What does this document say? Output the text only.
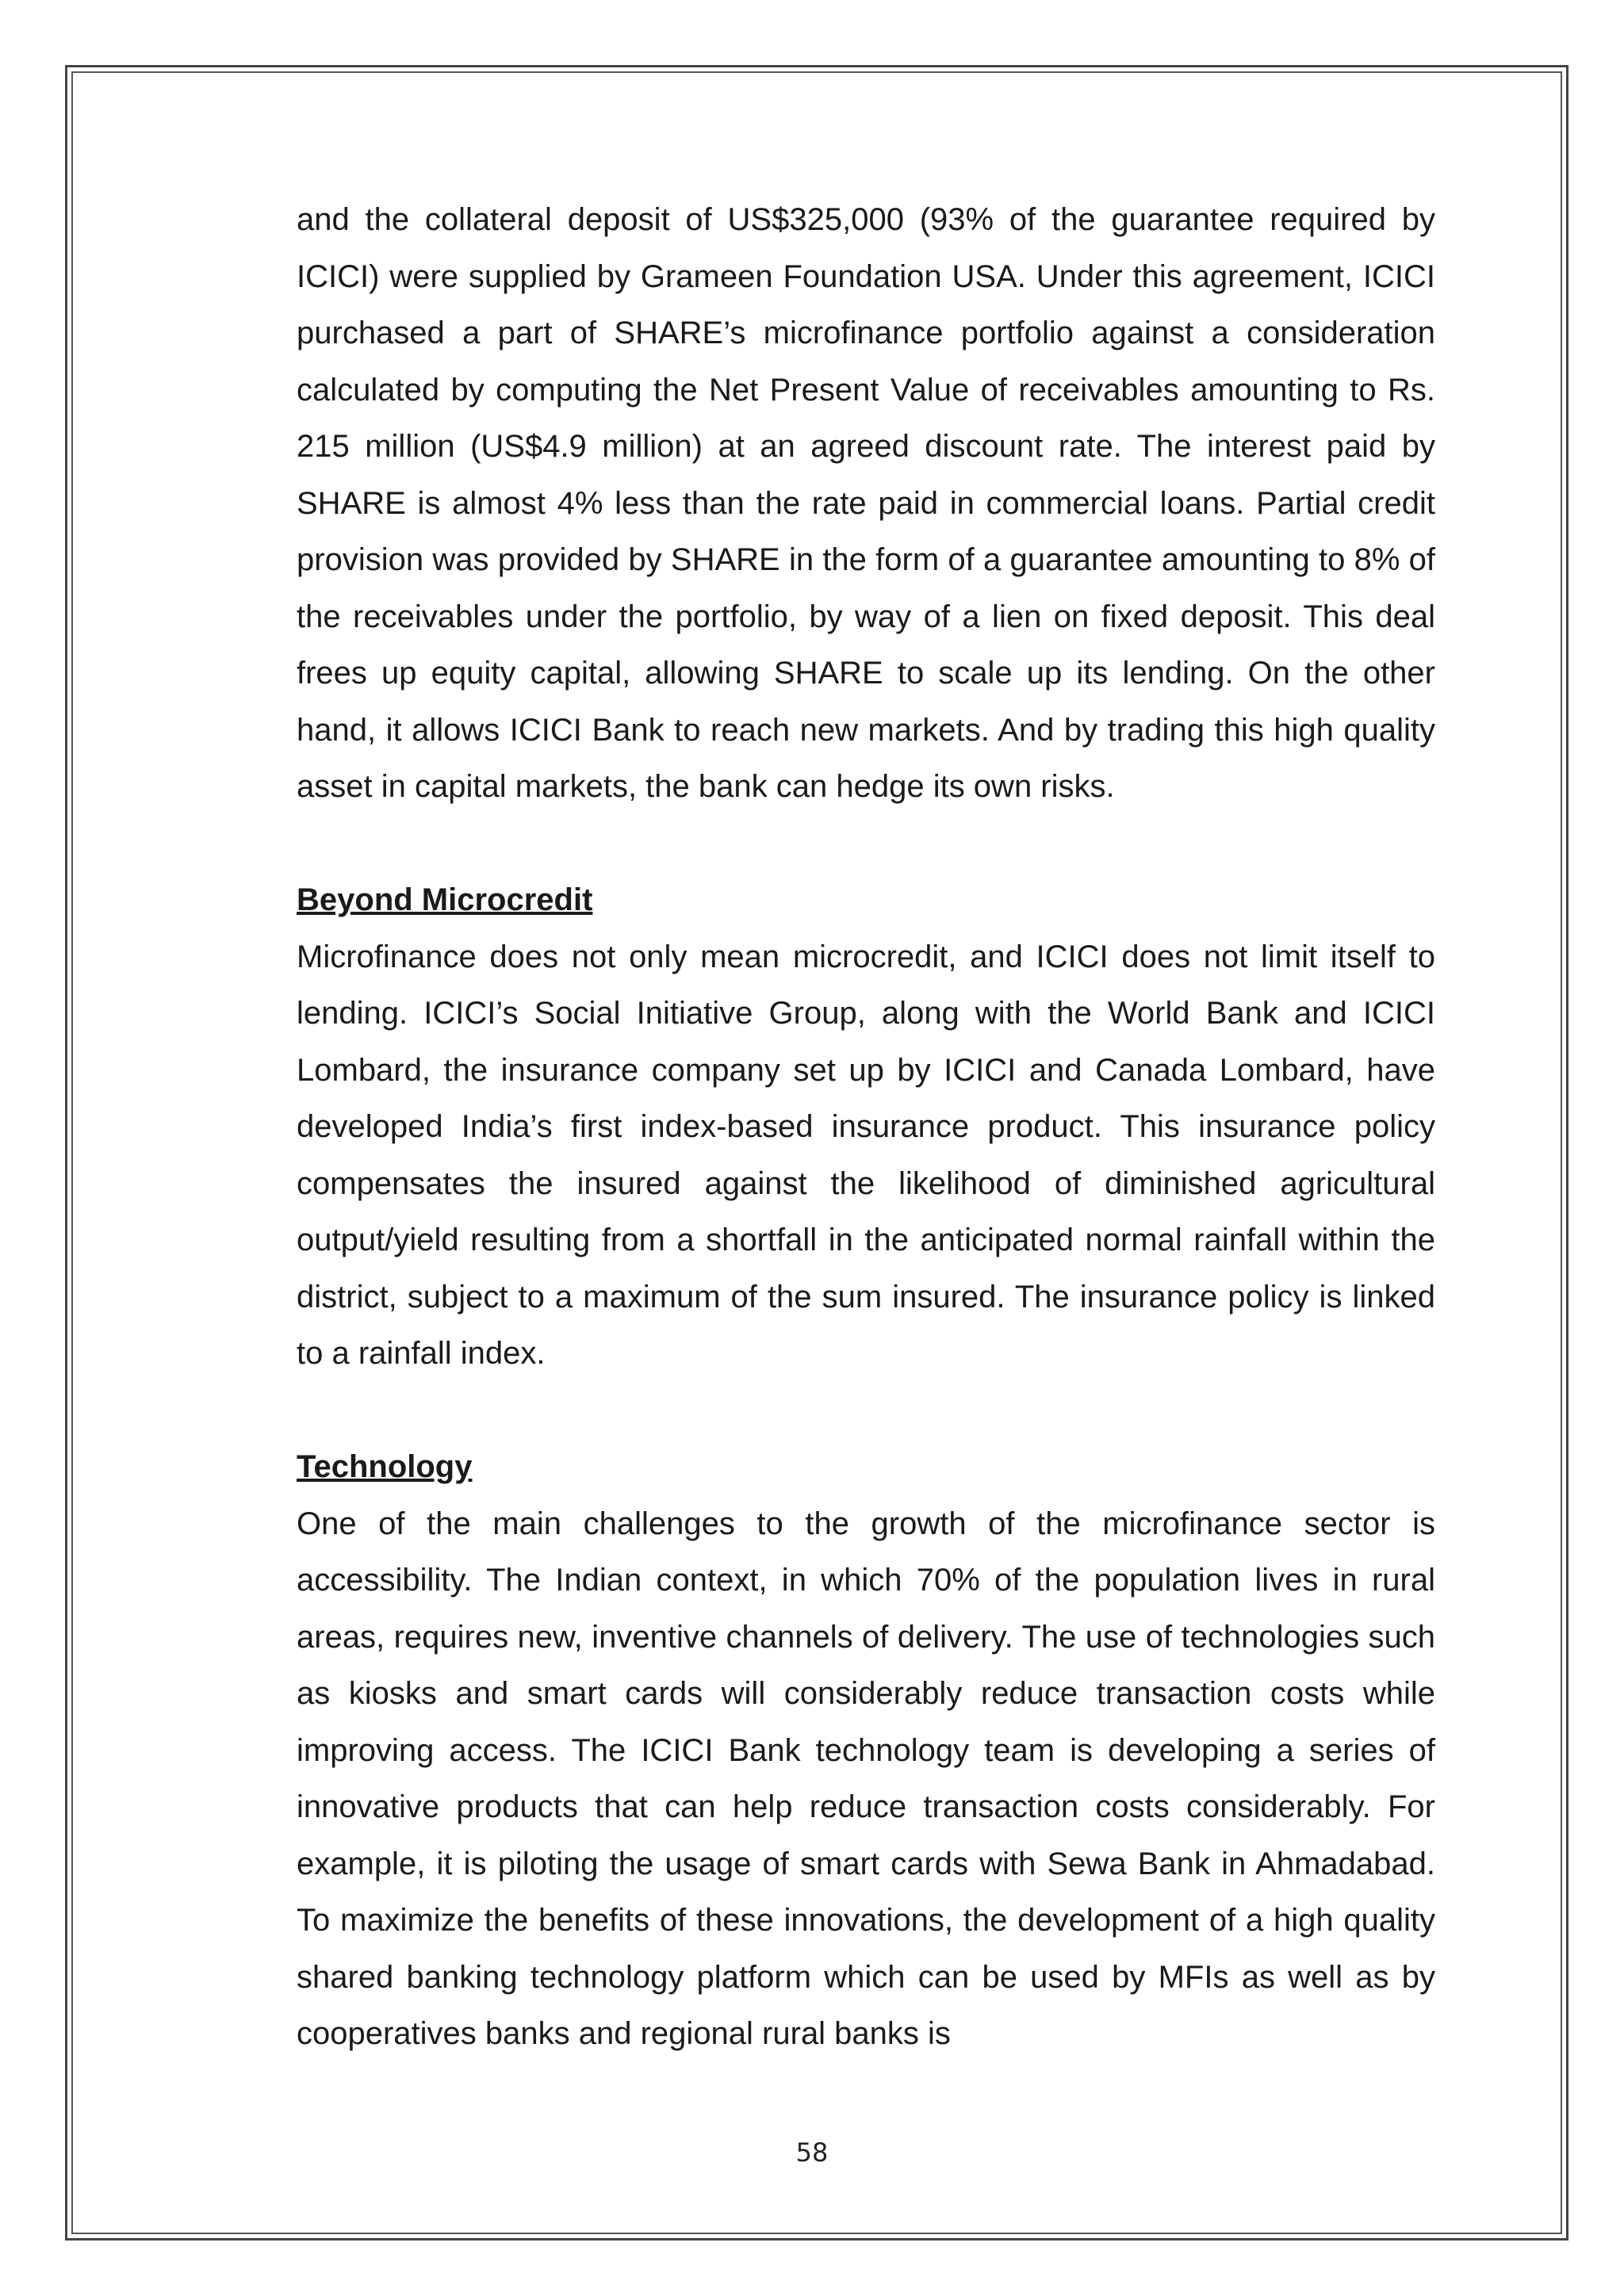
and the collateral deposit of US$325,000 (93% of the guarantee required by ICICI) were supplied by Grameen Foundation USA. Under this agreement, ICICI purchased a part of SHARE’s microfinance portfolio against a consideration calculated by computing the Net Present Value of receivables amounting to Rs. 215 million (US$4.9 million) at an agreed discount rate. The interest paid by SHARE is almost 4% less than the rate paid in commercial loans. Partial credit provision was provided by SHARE in the form of a guarantee amounting to 8% of the receivables under the portfolio, by way of a lien on fixed deposit. This deal frees up equity capital, allowing SHARE to scale up its lending. On the other hand, it allows ICICI Bank to reach new markets. And by trading this high quality asset in capital markets, the bank can hedge its own risks.

Beyond Microcredit

Microfinance does not only mean microcredit, and ICICI does not limit itself to lending. ICICI’s Social Initiative Group, along with the World Bank and ICICI Lombard, the insurance company set up by ICICI and Canada Lombard, have developed India’s first index-based insurance product. This insurance policy compensates the insured against the likelihood of diminished agricultural output/yield resulting from a shortfall in the anticipated normal rainfall within the district, subject to a maximum of the sum insured. The insurance policy is linked to a rainfall index.

Technology

One of the main challenges to the growth of the microfinance sector is accessibility. The Indian context, in which 70% of the population lives in rural areas, requires new, inventive channels of delivery. The use of technologies such as kiosks and smart cards will considerably reduce transaction costs while improving access. The ICICI Bank technology team is developing a series of innovative products that can help reduce transaction costs considerably. For example, it is piloting the usage of smart cards with Sewa Bank in Ahmadabad. To maximize the benefits of these innovations, the development of a high quality shared banking technology platform which can be used by MFIs as well as by cooperatives banks and regional rural banks is

58
